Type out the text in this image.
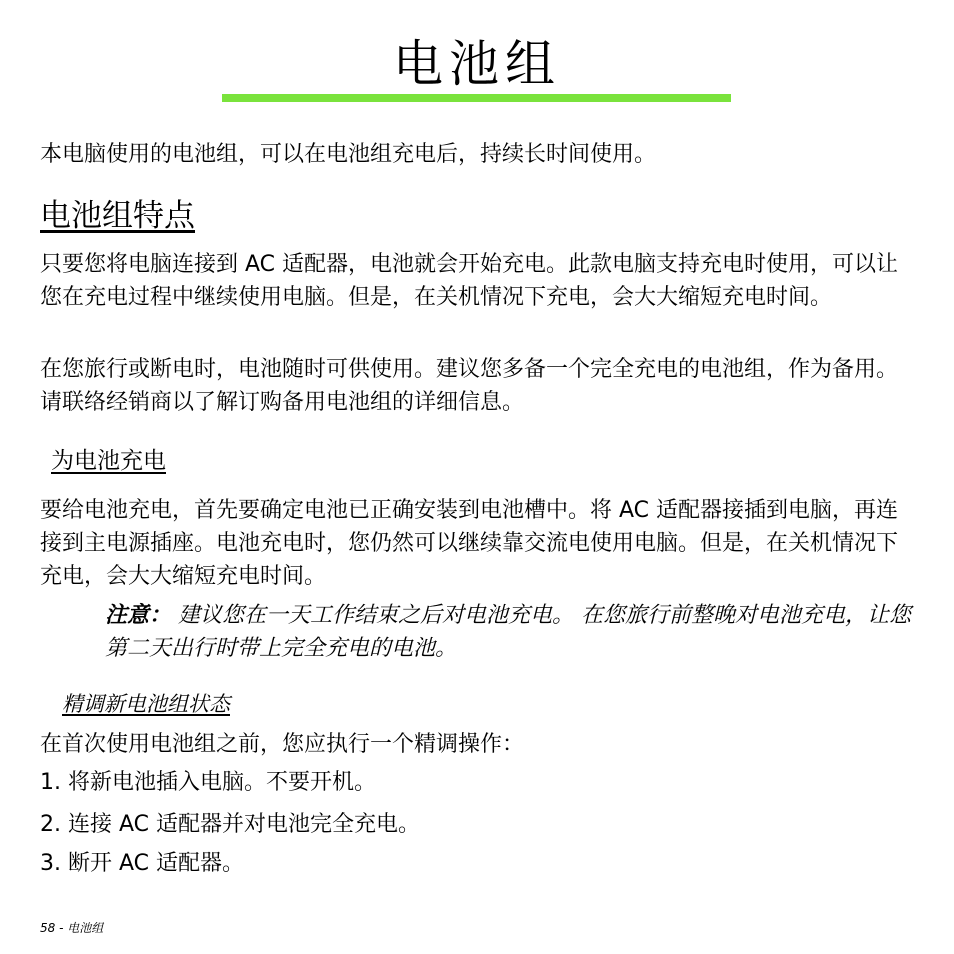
电池组

本电脑使用的电池组，可以在电池组充电后，持续长时间使用。

电池组特点

只要您将电脑连接到 AC 适配器，电池就会开始充电。此款电脑支持充电时使用，可以让您在充电过程中继续使用电脑。但是，在关机情况下充电，会大大缩短充电时间。

在您旅行或断电时，电池随时可供使用。建议您多备一个完全充电的电池组，作为备用。请联络经销商以了解订购备用电池组的详细信息。

为电池充电

要给电池充电，首先要确定电池已正确安装到电池槽中。将 AC 适配器接插到电脑，再连接到主电源插座。电池充电时，您仍然可以继续靠交流电使用电脑。但是，在关机情况下充电，会大大缩短充电时间。

注意： 建议您在一天工作结束之后对电池充电。 在您旅行前整晚对电池充电，让您第二天出行时带上完全充电的电池。

精调新电池组状态

在首次使用电池组之前，您应执行一个精调操作：

1. 将新电池插入电脑。不要开机。

2. 连接 AC 适配器并对电池完全充电。

3. 断开 AC 适配器。

58 - 电池组
